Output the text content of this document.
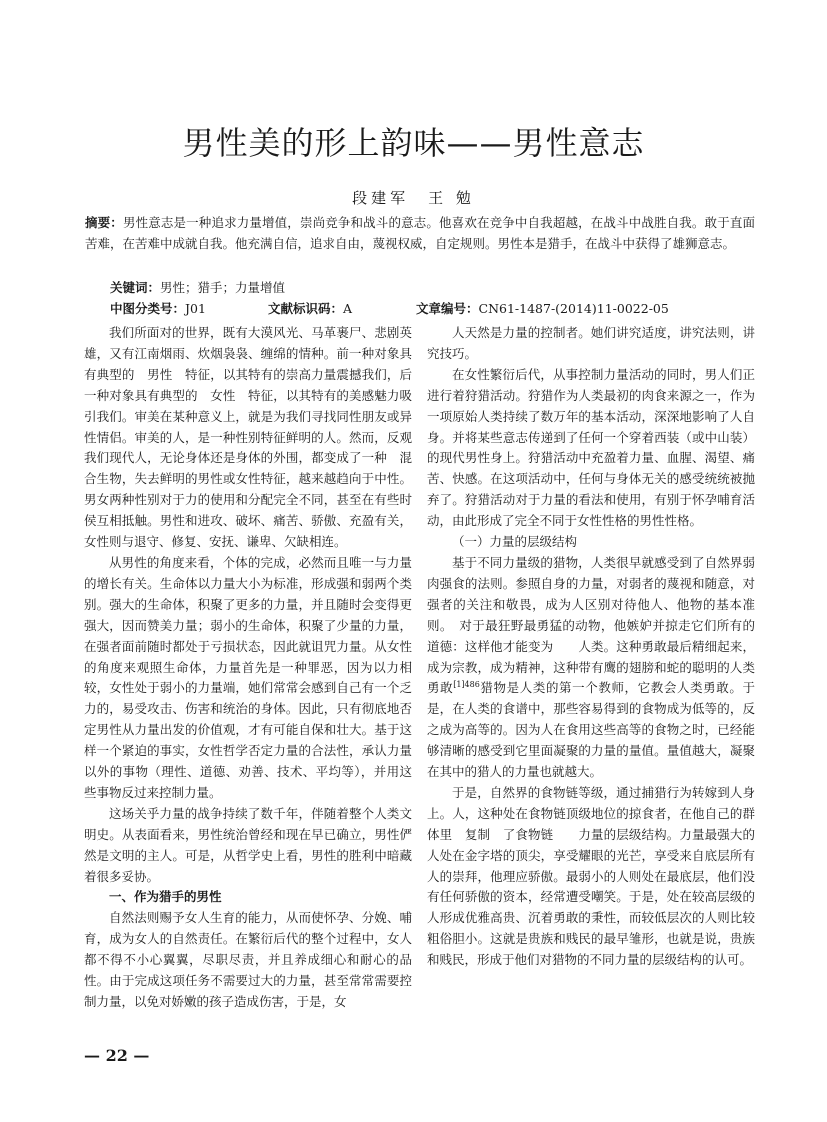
男性美的形上韵味——男性意志
段建军　王 勉
摘要：男性意志是一种追求力量增值，崇尚竞争和战斗的意志。他喜欢在竞争中自我超越，在战斗中战胜自我。敢于直面苦难，在苦难中成就自我。他充满自信，追求自由，蔑视权威，自定规则。男性本是猎手，在战斗中获得了雄狮意志。
关键词：男性；猎手；力量增值
中图分类号：J01	文献标识码：A	文章编号：CN61-1487-(2014)11-0022-05

我们所面对的世界，既有大漠风光、马革裹尸、悲剧英雄，又有江南烟雨、炊烟袅袅、缠绵的情种。前一种对象具有典型的　男性　特征，以其特有的崇高力量震撼我们，后一种对象具有典型的　女性　特征，以其特有的美感魅力吸引我们。审美在某种意义上，就是为我们寻找同性朋友或异性情侣。审美的人，是一种性别特征鲜明的人。然而，反观我们现代人，无论身体还是身体的外围，都变成了一种　混合生物，失去鲜明的男性或女性特征，越来越趋向于中性。男女两种性别对于力的使用和分配完全不同，甚至在有些时侯互相抵触。男性和进攻、破坏、痛苦、骄傲、充盈有关，女性则与退守、修复、安抚、谦卑、欠缺相连。

从男性的角度来看，个体的完成，必然而且唯一与力量的增长有关。生命体以力量大小为标准，形成强和弱两个类别。强大的生命体，积聚了更多的力量，并且随时会变得更强大，因而赞美力量；弱小的生命体，积聚了少量的力量，在强者面前随时都处于亏损状态，因此就诅咒力量。从女性的角度来观照生命体，力量首先是一种罪恶，因为以力相较，女性处于弱小的力量端，她们常常会感到自己有一个乏力的，易受攻击、伤害和统治的身体。因此，只有彻底地否定男性从力量出发的价值观，才有可能自保和壮大。基于这样一个紧迫的事实，女性哲学否定力量的合法性，承认力量以外的事物（理性、道德、劝善、技术、平均等），并用这些事物反过来控制力量。

这场关乎力量的战争持续了数千年，伴随着整个人类文明史。从表面看来，男性统治曾经和现在早已确立，男性俨然是文明的主人。可是，从哲学史上看，男性的胜利中暗藏着很多妥协。

一、作为猎手的男性

自然法则赐予女人生育的能力，从而使怀孕、分娩、哺育，成为女人的自然责任。在繁衍后代的整个过程中，女人都不得不小心翼翼，尽职尽责，并且养成细心和耐心的品性。由于完成这项任务不需要过大的力量，甚至常常需要控制力量，以免对娇嫩的孩子造成伤害，于是，女

人天然是力量的控制者。她们讲究适度，讲究法则，讲究技巧。

在女性繁衍后代，从事控制力量活动的同时，男人们正进行着狩猎活动。狩猎作为人类最初的肉食来源之一，作为一项原始人类持续了数万年的基本活动，深深地影响了人自身。并将某些意志传递到了任何一个穿着西装（或中山装）的现代男性身上。狩猎活动中充盈着力量、血腥、渴望、痛苦、快感。在这项活动中，任何与身体无关的感受统统被抛弃了。狩猎活动对于力量的看法和使用，有别于怀孕哺育活动，由此形成了完全不同于女性性格的男性性格。

（一）力量的层级结构

基于不同力量级的猎物，人类很早就感受到了自然界弱肉强食的法则。参照自身的力量，对弱者的蔑视和随意，对强者的关注和敬畏，成为人区别对待他人、他物的基本准则。　对于最狂野最勇猛的动物，他嫉妒并掠走它们所有的道德：这样他才能变为　　人类。这种勇敢最后精细起来，成为宗教，成为精神，这种带有鹰的翅膀和蛇的聪明的人类勇敢$^{[1]486}$猎物是人类的第一个教师，它教会人类勇敢。于是，在人类的食谱中，那些容易得到的食物成为低等的，反之成为高等的。因为人在食用这些高等的食物之时，已经能够清晰的感受到它里面凝聚的力量的量值。量值越大，凝聚在其中的猎人的力量也就越大。

于是，自然界的食物链等级，通过捕猎行为转嫁到人身上。人，这种处在食物链顶级地位的掠食者，在他自己的群体里　复制　了食物链　　力量的层级结构。力量最强大的人处在金字塔的顶尖，享受耀眼的光芒，享受来自底层所有人的崇拜，他理应骄傲。最弱小的人则处在最底层，他们没有任何骄傲的资本，经常遭受嘲笑。于是，处在较高层级的人形成优雅高贵、沉着勇敢的秉性，而较低层次的人则比较粗俗胆小。这就是贵族和贱民的最早雏形，也就是说，贵族和贱民，形成于他们对猎物的不同力量的层级结构的认可。

— 22 —
